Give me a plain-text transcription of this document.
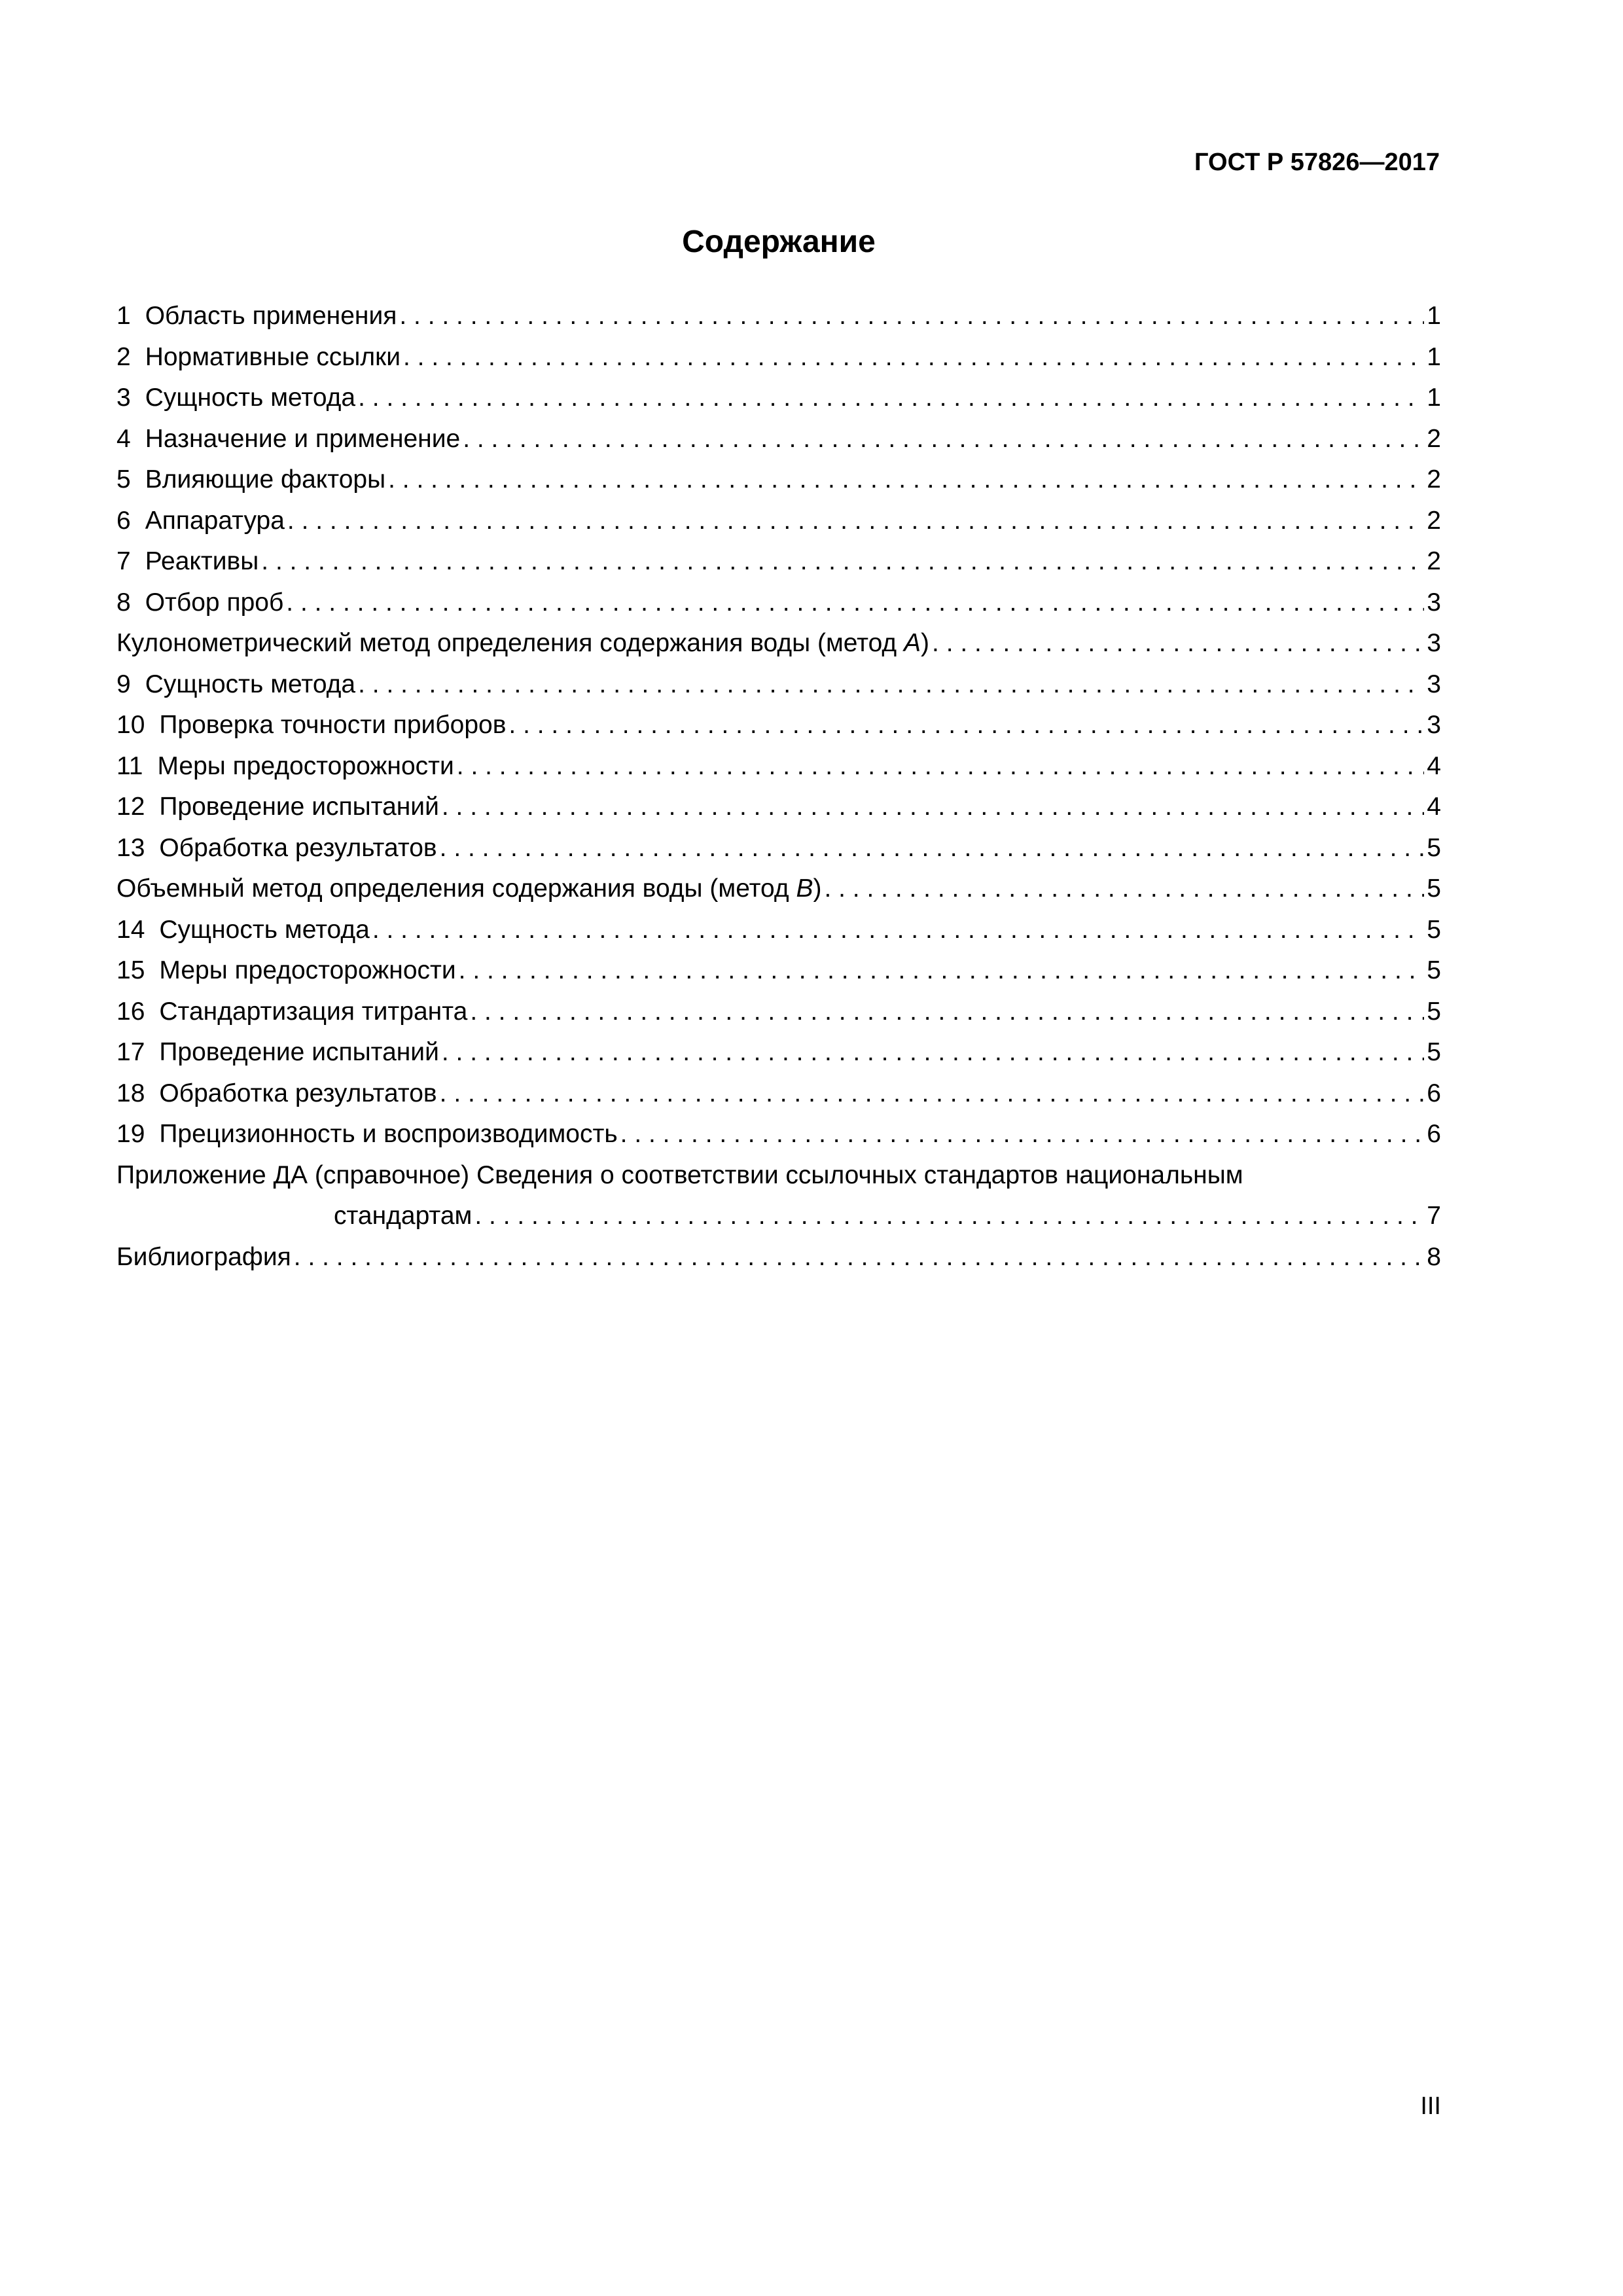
ГОСТ Р 57826—2017
Содержание
1 Область применения . . .	1
2 Нормативные ссылки . . .	1
3 Сущность метода . . .	1
4 Назначение и применение . . .	2
5 Влияющие факторы . . .	2
6 Аппаратура . . .	2
7 Реактивы . . .	2
8 Отбор проб . . .	3
Кулонометрический метод определения содержания воды (метод А) . . .	3
9 Сущность метода . . .	3
10 Проверка точности приборов . . .	3
11 Меры предосторожности . . .	4
12 Проведение испытаний . . .	4
13 Обработка результатов . . .	5
Объемный метод определения содержания воды (метод В) . . .	5
14 Сущность метода . . .	5
15 Меры предосторожности . . .	5
16 Стандартизация титранта . . .	5
17 Проведение испытаний . . .	5
18 Обработка результатов . . .	6
19 Прецизионность и воспроизводимость . . .	6
Приложение ДА (справочное) Сведения о соответствии ссылочных стандартов национальным
стандартам . . .	7
Библиография . . .	8
III
